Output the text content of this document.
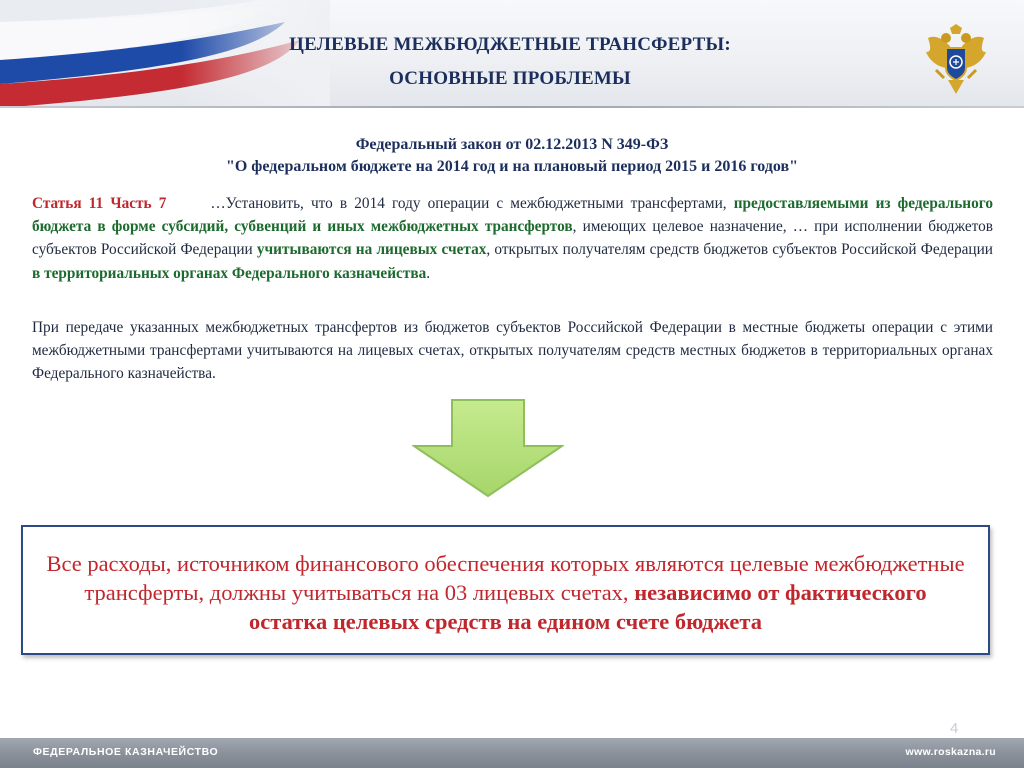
ЦЕЛЕВЫЕ МЕЖБЮДЖЕТНЫЕ ТРАНСФЕРТЫ:
ОСНОВНЫЕ ПРОБЛЕМЫ
Федеральный закон от 02.12.2013 N 349-ФЗ
"О федеральном бюджете на 2014 год и на плановый период 2015 и 2016 годов"

Статья 11 Часть 7	…Установить, что в 2014 году операции с межбюджетными трансфертами, предоставляемыми из федерального бюджета в форме субсидий, субвенций и иных межбюджетных трансфертов, имеющих целевое назначение, … при исполнении бюджетов субъектов Российской Федерации учитываются на лицевых счетах, открытых получателям средств бюджетов субъектов Российской Федерации в территориальных органах Федерального казначейства.

При передаче указанных межбюджетных трансфертов из бюджетов субъектов Российской Федерации в местные бюджеты операции с этими межбюджетными трансфертами учитываются на лицевых счетах, открытых получателям средств местных бюджетов в территориальных органах Федерального казначейства.

Все расходы, источником финансового обеспечения которых являются целевые межбюджетные трансферты, должны учитываться на 03 лицевых счетах, независимо от фактического остатка целевых средств на едином счете бюджета

4
ФЕДЕРАЛЬНОЕ КАЗНАЧЕЙСТВО	www.roskazna.ru
